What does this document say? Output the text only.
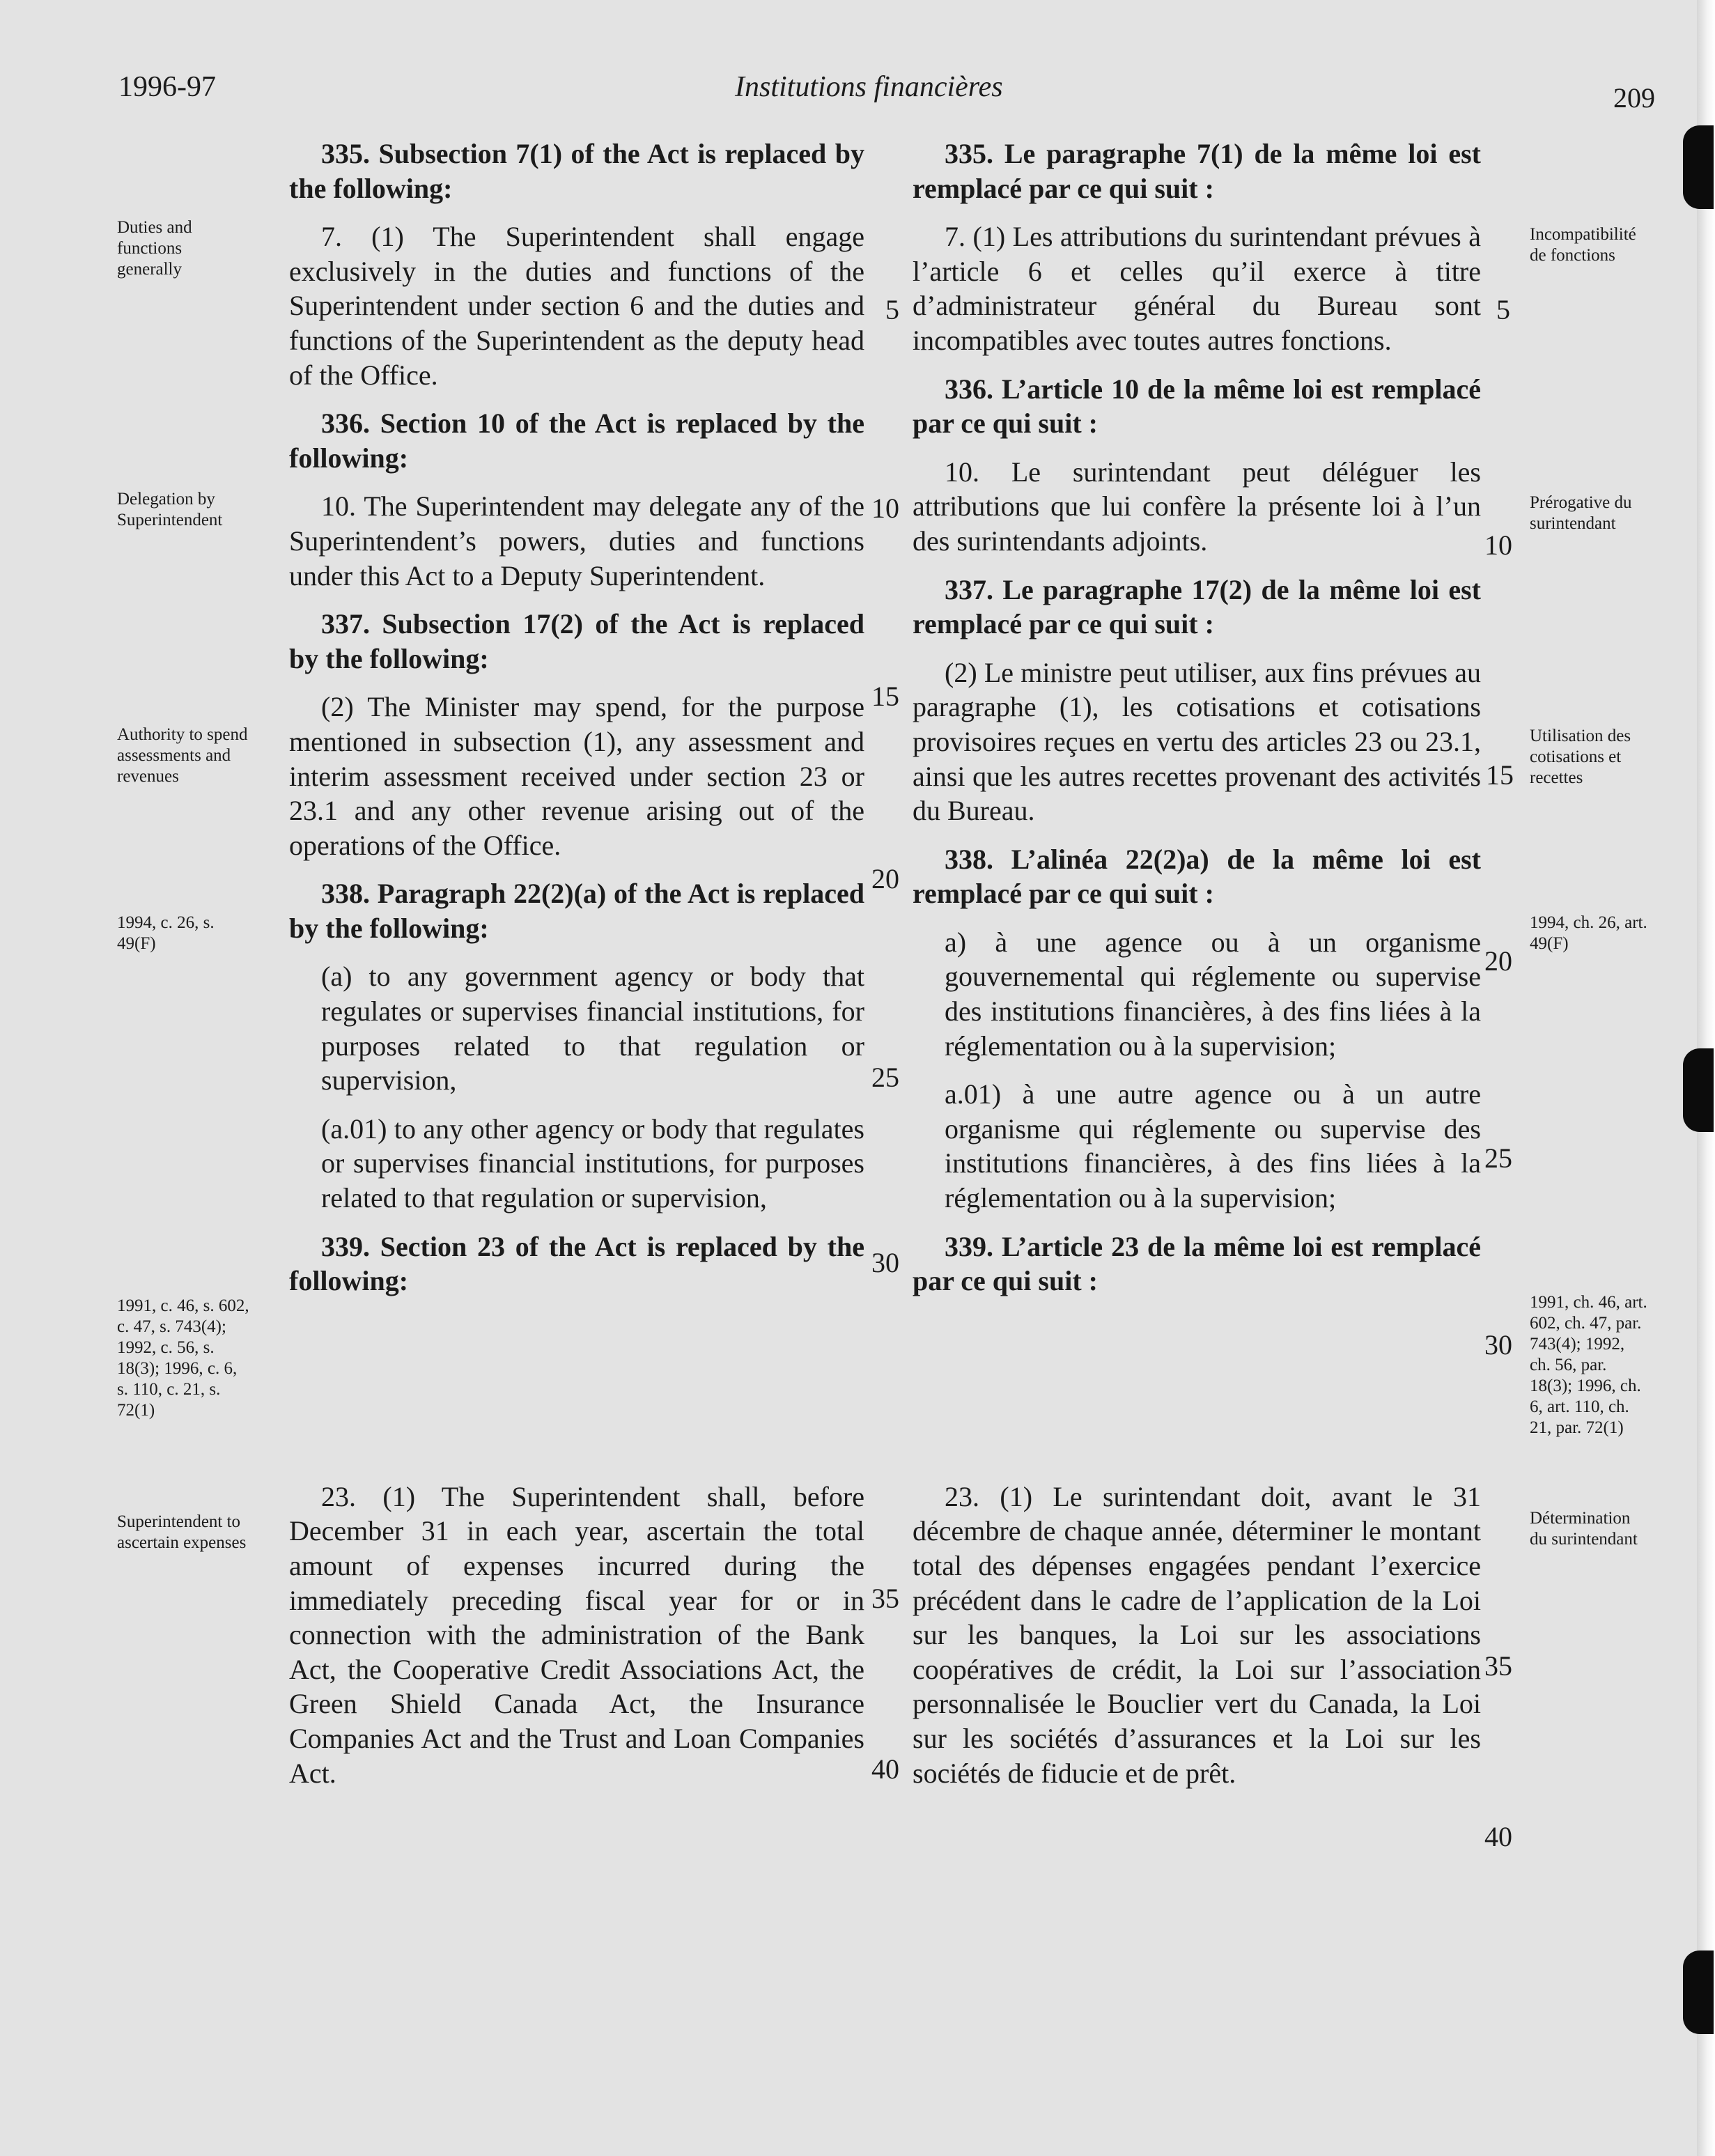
1996-97	Institutions financières	209

335. Subsection 7(1) of the Act is replaced by the following:

7. (1) The Superintendent shall engage exclusively in the duties and functions of the Superintendent under section 6 and the duties and functions of the Superintendent as the deputy head of the Office.

336. Section 10 of the Act is replaced by the following:

10. The Superintendent may delegate any of the Superintendent’s powers, duties and functions under this Act to a Deputy Superintendent.

337. Subsection 17(2) of the Act is replaced by the following:

(2) The Minister may spend, for the purpose mentioned in subsection (1), any assessment and interim assessment received under section 23 or 23.1 and any other revenue arising out of the operations of the Office.

338. Paragraph 22(2)(a) of the Act is replaced by the following:

(a) to any government agency or body that regulates or supervises financial institutions, for purposes related to that regulation or supervision,

(a.01) to any other agency or body that regulates or supervises financial institutions, for purposes related to that regulation or supervision,

339. Section 23 of the Act is replaced by the following:

23. (1) The Superintendent shall, before December 31 in each year, ascertain the total amount of expenses incurred during the immediately preceding fiscal year for or in connection with the administration of the Bank Act, the Cooperative Credit Associations Act, the Green Shield Canada Act, the Insurance Companies Act and the Trust and Loan Companies Act.

335. Le paragraphe 7(1) de la même loi est remplacé par ce qui suit :

7. (1) Les attributions du surintendant prévues à l’article 6 et celles qu’il exerce à titre d’administrateur général du Bureau sont incompatibles avec toutes autres fonctions.

336. L’article 10 de la même loi est remplacé par ce qui suit :

10. Le surintendant peut déléguer les attributions que lui confère la présente loi à l’un des surintendants adjoints.

337. Le paragraphe 17(2) de la même loi est remplacé par ce qui suit :

(2) Le ministre peut utiliser, aux fins prévues au paragraphe (1), les cotisations et cotisations provisoires reçues en vertu des articles 23 ou 23.1, ainsi que les autres recettes provenant des activités du Bureau.

338. L’alinéa 22(2)a) de la même loi est remplacé par ce qui suit :

a) à une agence ou à un organisme gouvernemental qui réglemente ou supervise des institutions financières, à des fins liées à la réglementation ou à la supervision;

a.01) à une autre agence ou à un autre organisme qui réglemente ou supervise des institutions financières, à des fins liées à la réglementation ou à la supervision;

339. L’article 23 de la même loi est remplacé par ce qui suit :

23. (1) Le surintendant doit, avant le 31 décembre de chaque année, déterminer le montant total des dépenses engagées pendant l’exercice précédent dans le cadre de l’application de la Loi sur les banques, la Loi sur les associations coopératives de crédit, la Loi sur l’association personnalisée le Bouclier vert du Canada, la Loi sur les sociétés d’assurances et la Loi sur les sociétés de fiducie et de prêt.

Duties and functions generally
Delegation by Superintendent
Authority to spend assessments and revenues
1994, c. 26, s. 49(F)
1991, c. 46, s. 602, c. 47, s. 743(4); 1992, c. 56, s. 18(3); 1996, c. 6, s. 110, c. 21, s. 72(1)
Superintendent to ascertain expenses
Incompatibilité de fonctions
Prérogative du surintendant
Utilisation des cotisations et recettes
1994, ch. 26, art. 49(F)
1991, ch. 46, art. 602, ch. 47, par. 743(4); 1992, ch. 56, par. 18(3); 1996, ch. 6, art. 110, ch. 21, par. 72(1)
Détermination du surintendant
5
10
15
20
25
30
35
40
5
10
15
20
25
30
35
40
